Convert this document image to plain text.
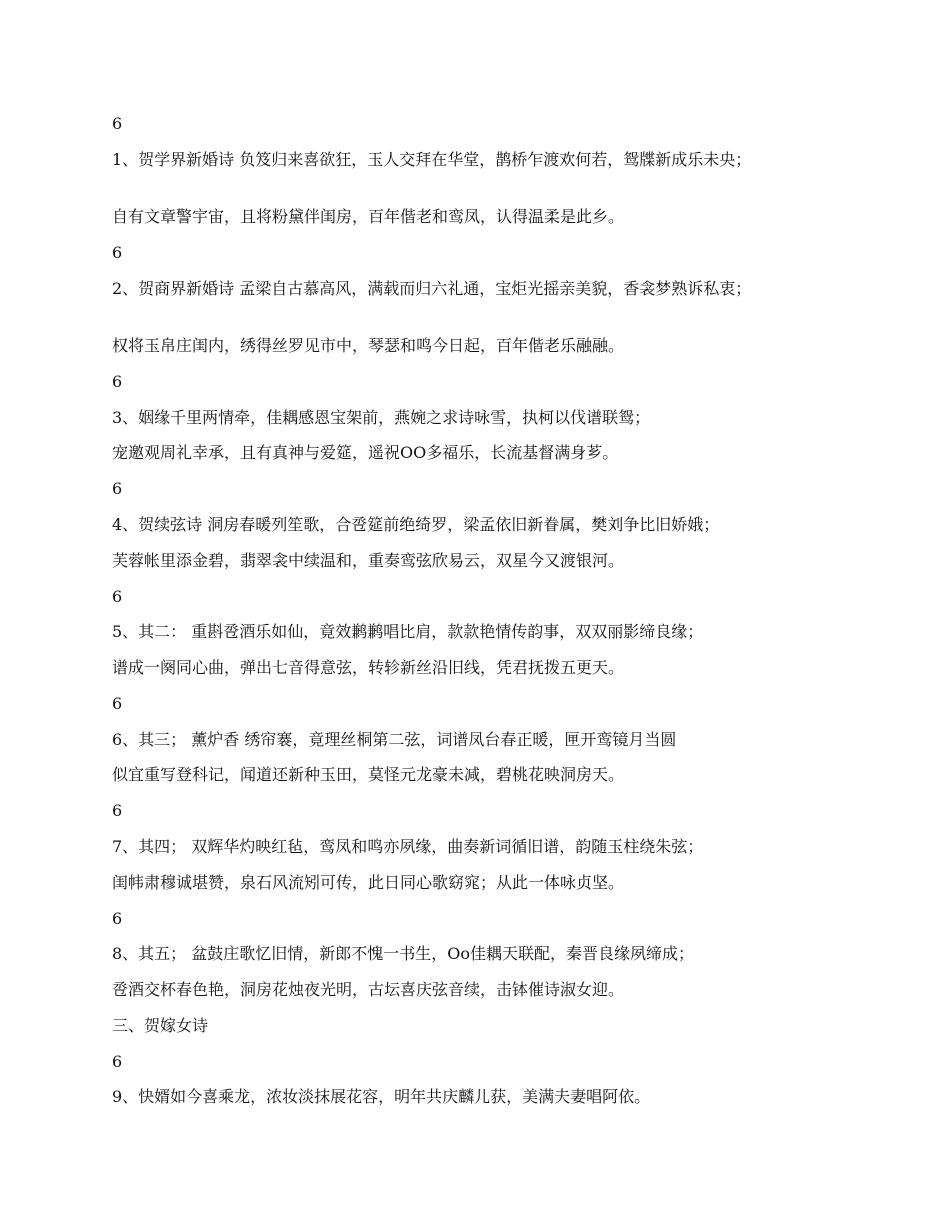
6
1、贺学界新婚诗 负笈归来喜欲狂，玉人交拜在华堂，鹊桥乍渡欢何若，鸳牒新成乐未央；
自有文章警宇宙，且将粉黛伴闺房，百年偕老和鸾凤，认得温柔是此乡。
6
2、贺商界新婚诗 孟梁自古慕高风，满载而归六礼通，宝炬光摇亲美貌，香衾梦熟诉私衷；
权将玉帛庄闺内，绣得丝罗见市中，琴瑟和鸣今日起，百年偕老乐融融。
6
3、姻缘千里两情牵，佳耦感恩宝架前，燕婉之求诗咏雪，执柯以伐谱联鸳；
宠邀观周礼幸承，且有真神与爱筵，遥祝OO多福乐，长流基督满身芗。
6
4、贺续弦诗 洞房春暖列笙歌，合卺筵前绝绮罗，梁孟依旧新眷属，樊刘争比旧娇娥；
芙蓉帐里添金碧，翡翠衾中续温和，重奏鸾弦欣易云，双星今又渡银河。
6
5、其二： 重斟卺酒乐如仙，竟效鹣鹣唱比肩，款款艳情传韵事，双双丽影缔良缘；
谱成一阕同心曲，弹出七音得意弦，转轸新丝沿旧线，凭君抚拨五更天。
6
6、其三； 薰炉香 绣帘褰，竟理丝桐第二弦，词谱凤台春正暖，匣开鸾镜月当圆
似宜重写登科记，闻道还新种玉田，莫怪元龙豪未减，碧桃花映洞房天。
6
7、其四； 双辉华灼映红毡，鸾凤和鸣亦夙缘，曲奏新词循旧谱，韵随玉柱绕朱弦；
闺帏肃穆诚堪赞，泉石风流矧可传，此日同心歌窈窕；从此一体咏贞坚。
6
8、其五； 盆鼓庄歌忆旧情，新郎不愧一书生，Oo佳耦天联配，秦晋良缘夙缔成；
卺酒交杯春色艳，洞房花烛夜光明，古坛喜庆弦音续，击钵催诗淑女迎。
三、贺嫁女诗
6
9、快婿如今喜乘龙，浓妆淡抹展花容，明年共庆麟儿获，美满夫妻唱阿依。
